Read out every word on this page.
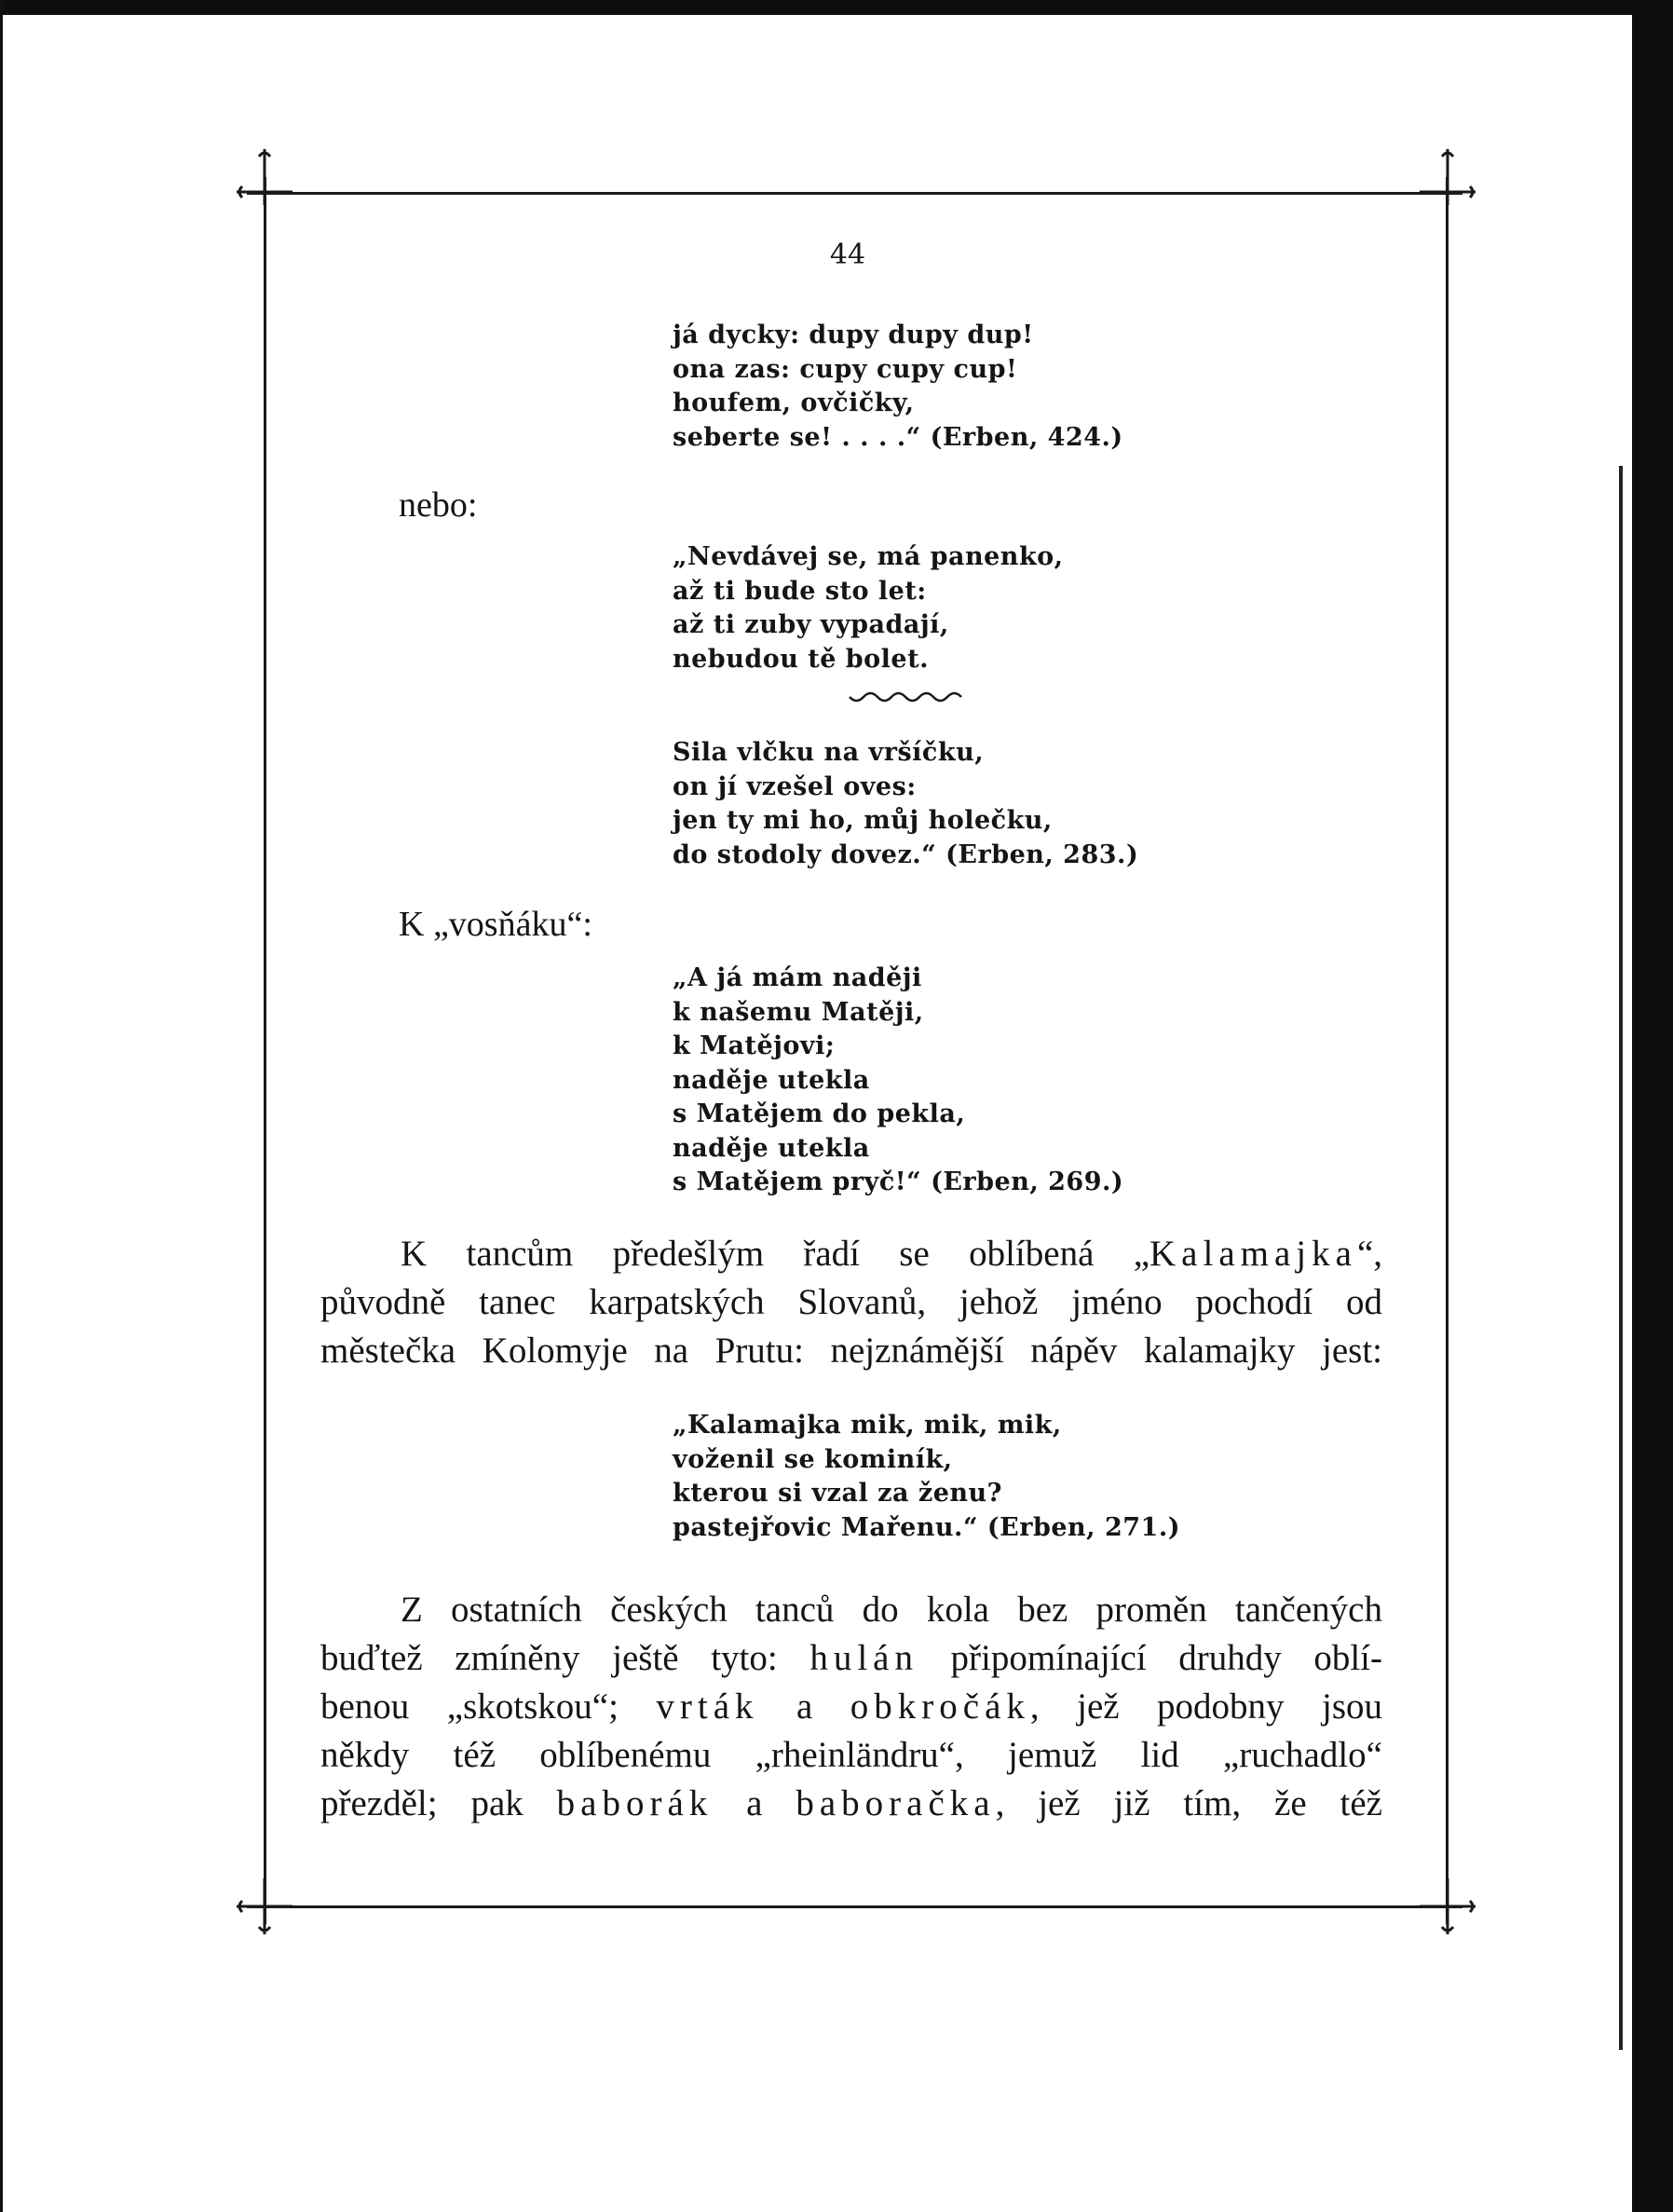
44
já dycky: dupy dupy dup!
ona zas: cupy cupy cup!
houfem, ovčičky,
seberte se! . . . .“ (Erben, 424.)
nebo:
„Nevdávej se, má panenko,
až ti bude sto let:
až ti zuby vypadají,
nebudou tě bolet.
Sila vlčku na vršíčku,
on jí vzešel oves:
jen ty mi ho, můj holečku,
do stodoly dovez.“ (Erben, 283.)
K „vosňáku“:
„A já mám naději
k našemu Matěji,
k Matějovi;
naděje utekla
s Matějem do pekla,
naděje utekla
s Matějem pryč!“ (Erben, 269.)
K tancům předešlým řadí se oblíbená „Kalamajka“,
původně tanec karpatských Slovanů, jehož jméno pochodí od
městečka Kolomyje na Prutu: nejznámější nápěv kalamajky jest:
„Kalamajka mik, mik, mik,
voženil se kominík,
kterou si vzal za ženu?
pastejřovic Mařenu.“ (Erben, 271.)
Z ostatních českých tanců do kola bez proměn tančených
buďtež zmíněny ještě tyto: hulán připomínající druhdy oblí-
benou „skotskou“; vrták a obkročák, jež podobny jsou
někdy též oblíbenému „rheinländru“, jemuž lid „ruchadlo“
přezděl; pak baborák a baboračka, jež již tím, že též
